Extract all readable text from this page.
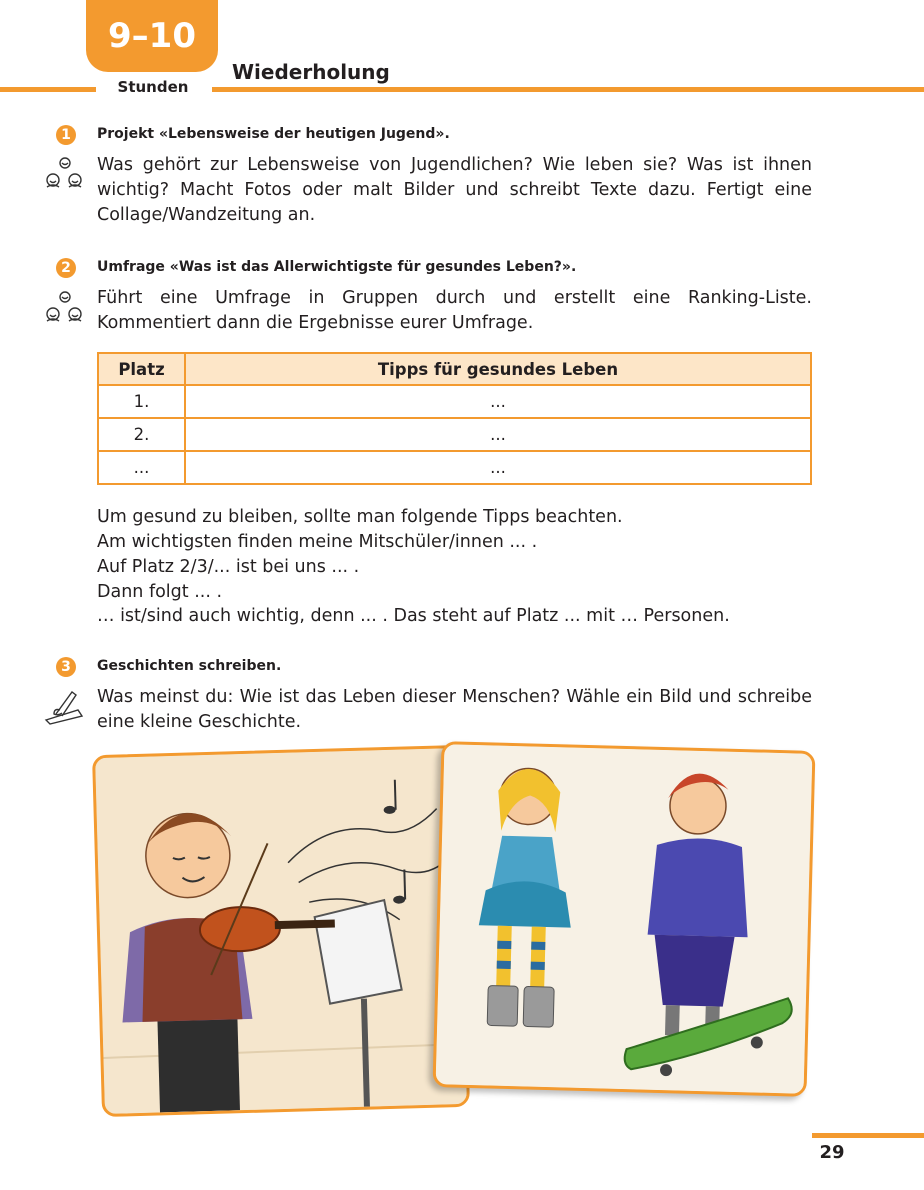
9–10
Stunden
Wiederholung
1	Projekt «Lebensweise der heutigen Jugend».
Was gehört zur Lebensweise von Jugendlichen? Wie leben sie? Was ist ihnen wichtig? Macht Fotos oder malt Bilder und schreibt Texte dazu. Fertigt eine Collage/Wandzeitung an.
2	Umfrage «Was ist das Allerwichtigste für gesundes Leben?».
Führt eine Umfrage in Gruppen durch und erstellt eine Ranking-Liste. Kommentiert dann die Ergebnisse eurer Umfrage.
Platz	Tipps für gesundes Leben
1.	...
2.	...
...	...
Um gesund zu bleiben, sollte man folgende Tipps beachten.
Am wichtigsten finden meine Mitschüler/innen ... .
Auf Platz 2/3/... ist bei uns ... .
Dann folgt ... .
… ist/sind auch wichtig, denn ... . Das steht auf Platz ... mit … Personen.
3	Geschichten schreiben.
Was meinst du: Wie ist das Leben dieser Menschen? Wähle ein Bild und schreibe eine kleine Geschichte.
29
